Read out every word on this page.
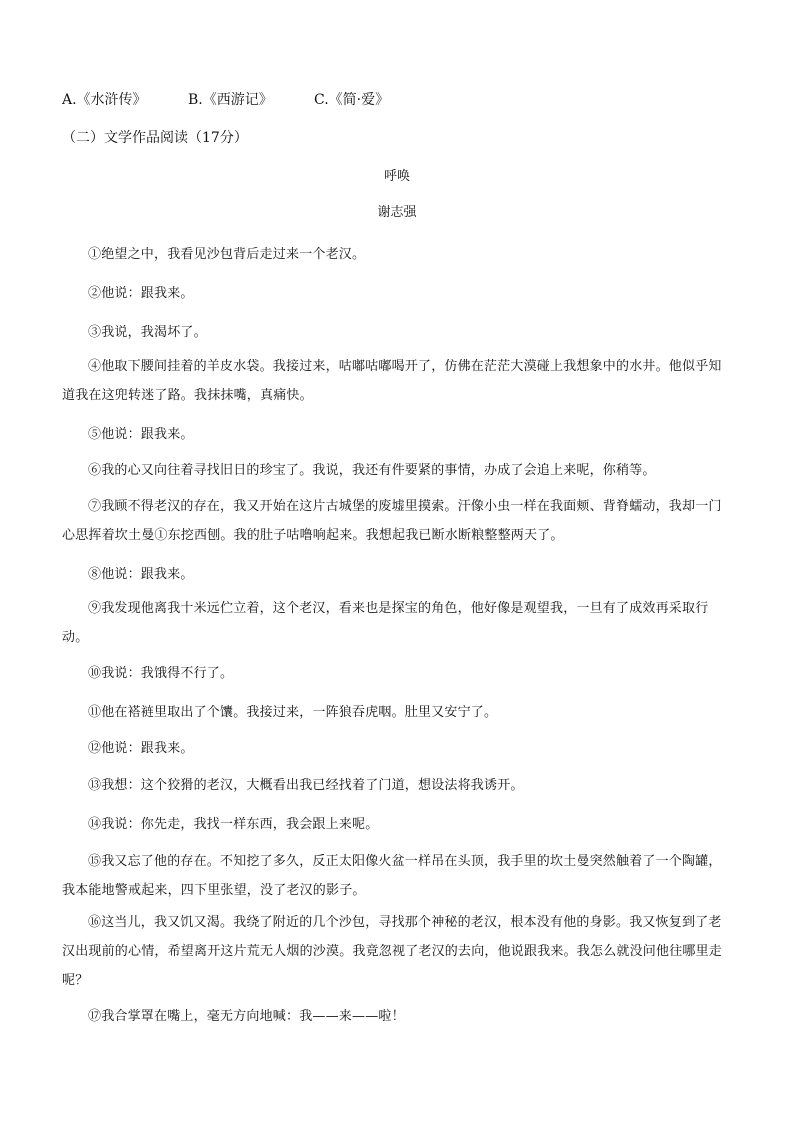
A.《水浒传》	B.《西游记》	C.《简·爱》
（二）文学作品阅读（17分）
呼唤
谢志强

①绝望之中，我看见沙包背后走过来一个老汉。

②他说：跟我来。

③我说，我渴坏了。

④他取下腰间挂着的羊皮水袋。我接过来，咕嘟咕嘟喝开了，仿佛在茫茫大漠碰上我想象中的水井。他似乎知道我在这兜转迷了路。我抹抹嘴，真痛快。

⑤他说：跟我来。

⑥我的心又向往着寻找旧日的珍宝了。我说，我还有件要紧的事情，办成了会追上来呢，你稍等。

⑦我顾不得老汉的存在，我又开始在这片古城堡的废墟里摸索。汗像小虫一样在我面颊、背脊蠕动，我却一门心思挥着坎土曼①东挖西刨。我的肚子咕噜响起来。我想起我已断水断粮整整两天了。

⑧他说：跟我来。

⑨我发现他离我十米远伫立着，这个老汉，看来也是探宝的角色，他好像是观望我，一旦有了成效再采取行动。

⑩我说：我饿得不行了。

⑪他在褡裢里取出了个馕。我接过来，一阵狼吞虎咽。肚里又安宁了。

⑫他说：跟我来。

⑬我想：这个狡猾的老汉，大概看出我已经找着了门道，想设法将我诱开。

⑭我说：你先走，我找一样东西，我会跟上来呢。

⑮我又忘了他的存在。不知挖了多久，反正太阳像火盆一样吊在头顶，我手里的坎土曼突然触着了一个陶罐，我本能地警戒起来，四下里张望，没了老汉的影子。

⑯这当儿，我又饥又渴。我绕了附近的几个沙包，寻找那个神秘的老汉，根本没有他的身影。我又恢复到了老汉出现前的心情，希望离开这片荒无人烟的沙漠。我竟忽视了老汉的去向，他说跟我来。我怎么就没问他往哪里走呢？

⑰我合掌罩在嘴上，毫无方向地喊：我——来——啦！
